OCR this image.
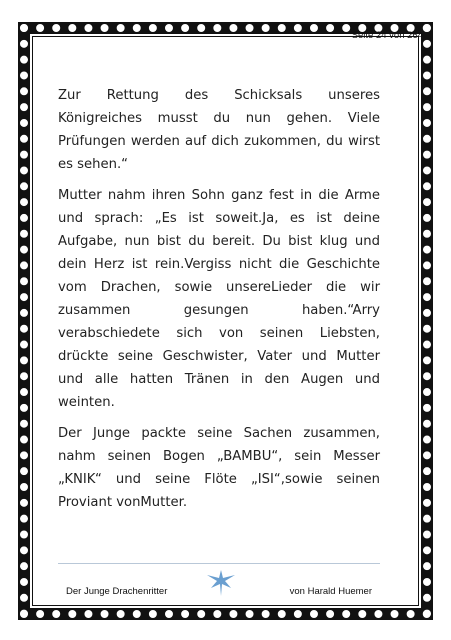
Seite 24 von 264

Zur Rettung des Schicksals unseres Königreiches musst du nun gehen. Viele Prüfungen werden auf dich zukommen, du wirst es sehen.“

Mutter nahm ihren Sohn ganz fest in die Arme und sprach: „Es ist soweit.Ja, es ist deine Aufgabe, nun bist du bereit. Du bist klug und dein Herz ist rein.Vergiss nicht die Geschichte vom Drachen, sowie unsereLieder die wir zusammen gesungen haben.“Arry verabschiedete sich von seinen Liebsten, drückte seine Geschwister, Vater und Mutter und alle hatten Tränen in den Augen und weinten.

Der Junge packte seine Sachen zusammen, nahm seinen Bogen „BAMBU“, sein Messer „KNIK“ und seine Flöte „ISI“,sowie seinen Proviant vonMutter.

Der Junge Drachenritter	von Harald Huemer
